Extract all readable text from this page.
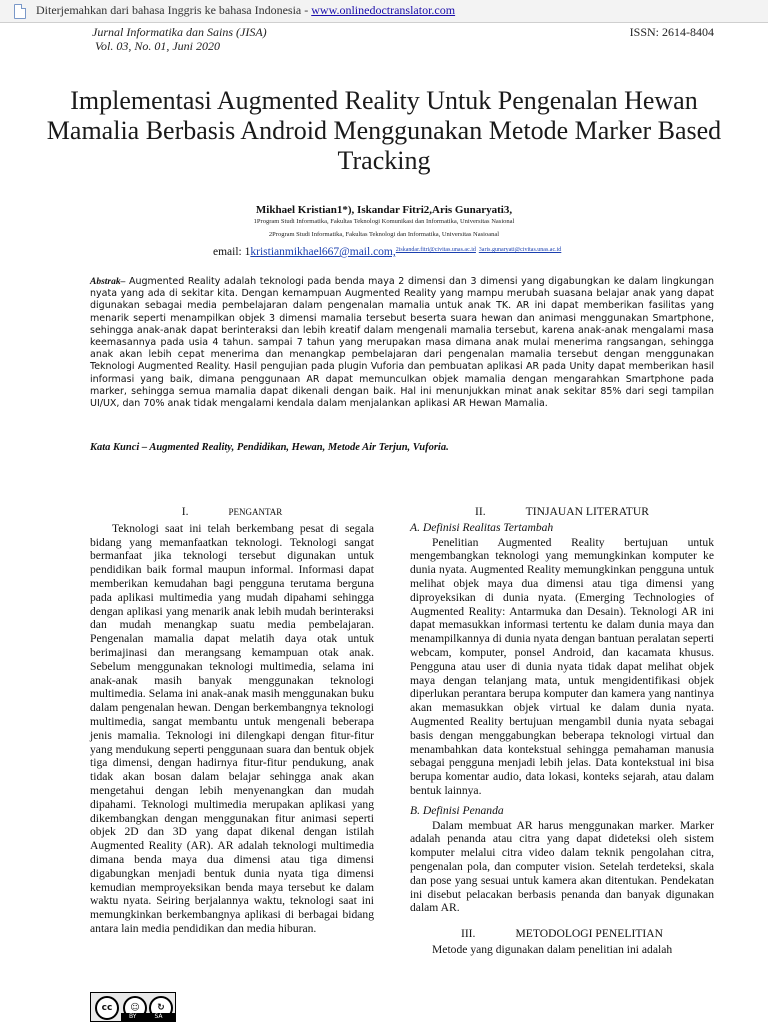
Diterjemahkan dari bahasa Inggris ke bahasa Indonesia - www.onlinedoctranslator.com
Jurnal Informatika dan Sains (JISA)
Vol. 03, No. 01, Juni 2020
ISSN: 2614-8404
Implementasi Augmented Reality Untuk Pengenalan Hewan Mamalia Berbasis Android Menggunakan Metode Marker Based Tracking
Mikhael Kristian1*), Iskandar Fitri2,Aris Gunaryati3,
1Program Studi Informatika, Fakultas Teknologi Komunikasi dan Informatika, Universitas Nasional
2Program Studi Informatika, Fakultas Teknologi dan Informatika, Universitas Nasioanal
email: 1kristianmikhael667@mail.com,$^{2iskandar.fitri@civitas.unas.ac.id}$ $^{3aris.gunaryati@civitas.unas.ac.id}$
Abstrak– Augmented Reality adalah teknologi pada benda maya 2 dimensi dan 3 dimensi yang digabungkan ke dalam lingkungan nyata yang ada di sekitar kita. Dengan kemampuan Augmented Reality yang mampu merubah suasana belajar anak yang dapat digunakan sebagai media pembelajaran dalam pengenalan mamalia untuk anak TK. AR ini dapat memberikan fasilitas yang menarik seperti menampilkan objek 3 dimensi mamalia tersebut beserta suara hewan dan animasi menggunakan Smartphone, sehingga anak-anak dapat berinteraksi dan lebih kreatif dalam mengenali mamalia tersebut, karena anak-anak mengalami masa keemasannya pada usia 4 tahun. sampai 7 tahun yang merupakan masa dimana anak mulai menerima rangsangan, sehingga anak akan lebih cepat menerima dan menangkap pembelajaran dari pengenalan mamalia tersebut dengan menggunakan Teknologi Augmented Reality. Hasil pengujian pada plugin Vuforia dan pembuatan aplikasi AR pada Unity dapat memberikan hasil informasi yang baik, dimana penggunaan AR dapat memunculkan objek mamalia dengan mengarahkan Smartphone pada marker, sehingga semua mamalia dapat dikenali dengan baik. Hal ini menunjukkan minat anak sekitar 85% dari segi tampilan UI/UX, dan 70% anak tidak mengalami kendala dalam menjalankan aplikasi AR Hewan Mamalia.
Kata Kunci – Augmented Reality, Pendidikan, Hewan, Metode Air Terjun, Vuforia.
I.	PENGANTAR

Teknologi saat ini telah berkembang pesat di segala bidang yang memanfaatkan teknologi. Teknologi sangat bermanfaat jika teknologi tersebut digunakan untuk pendidikan baik formal maupun informal. Informasi dapat memberikan kemudahan bagi pengguna terutama berguna pada aplikasi multimedia yang mudah dipahami sehingga dengan aplikasi yang menarik anak lebih mudah berinteraksi dan mudah menangkap suatu media pembelajaran. Pengenalan mamalia dapat melatih daya otak untuk berimajinasi dan merangsang kemampuan otak anak. Sebelum menggunakan teknologi multimedia, selama ini anak-anak masih banyak menggunakan teknologi multimedia. Selama ini anak-anak masih menggunakan buku dalam pengenalan hewan. Dengan berkembangnya teknologi multimedia, sangat membantu untuk mengenali beberapa jenis mamalia. Teknologi ini dilengkapi dengan fitur-fitur yang mendukung seperti penggunaan suara dan bentuk objek tiga dimensi, dengan hadirnya fitur-fitur pendukung, anak tidak akan bosan dalam belajar sehingga anak akan mengetahui dengan lebih menyenangkan dan mudah dipahami. Teknologi multimedia merupakan aplikasi yang dikembangkan dengan menggunakan fitur animasi seperti objek 2D dan 3D yang dapat dikenal dengan istilah Augmented Reality (AR). AR adalah teknologi multimedia dimana benda maya dua dimensi atau tiga dimensi digabungkan menjadi bentuk dunia nyata tiga dimensi kemudian memproyeksikan benda maya tersebut ke dalam waktu nyata. Seiring berjalannya waktu, teknologi saat ini memungkinkan berkembangnya aplikasi di berbagai bidang antara lain media pendidikan dan media hiburan.

II.	TINJAUAN LITERATUR
A. Definisi Realitas Tertambah

Penelitian Augmented Reality bertujuan untuk mengembangkan teknologi yang memungkinkan komputer ke dunia nyata. Augmented Reality memungkinkan pengguna untuk melihat objek maya dua dimensi atau tiga dimensi yang diproyeksikan di dunia nyata. (Emerging Technologies of Augmented Reality: Antarmuka dan Desain). Teknologi AR ini dapat memasukkan informasi tertentu ke dalam dunia maya dan menampilkannya di dunia nyata dengan bantuan peralatan seperti webcam, komputer, ponsel Android, dan kacamata khusus. Pengguna atau user di dunia nyata tidak dapat melihat objek maya dengan telanjang mata, untuk mengidentifikasi objek diperlukan perantara berupa komputer dan kamera yang nantinya akan memasukkan objek virtual ke dalam dunia nyata. Augmented Reality bertujuan mengambil dunia nyata sebagai basis dengan menggabungkan beberapa teknologi virtual dan menambahkan data kontekstual sehingga pemahaman manusia sebagai pengguna menjadi lebih jelas. Data kontekstual ini bisa berupa komentar audio, data lokasi, konteks sejarah, atau dalam bentuk lainnya.

B. Definisi Penanda

Dalam membuat AR harus menggunakan marker. Marker adalah penanda atau citra yang dapat dideteksi oleh sistem komputer melalui citra video dalam teknik pengolahan citra, pengenalan pola, dan computer vision. Setelah terdeteksi, skala dan pose yang sesuai untuk kamera akan ditentukan. Pendekatan ini disebut pelacakan berbasis penanda dan banyak digunakan dalam AR.

III.	METODOLOGI PENELITIAN

Metode yang digunakan dalam penelitian ini adalah

cc	☺	↻
BY	SA
